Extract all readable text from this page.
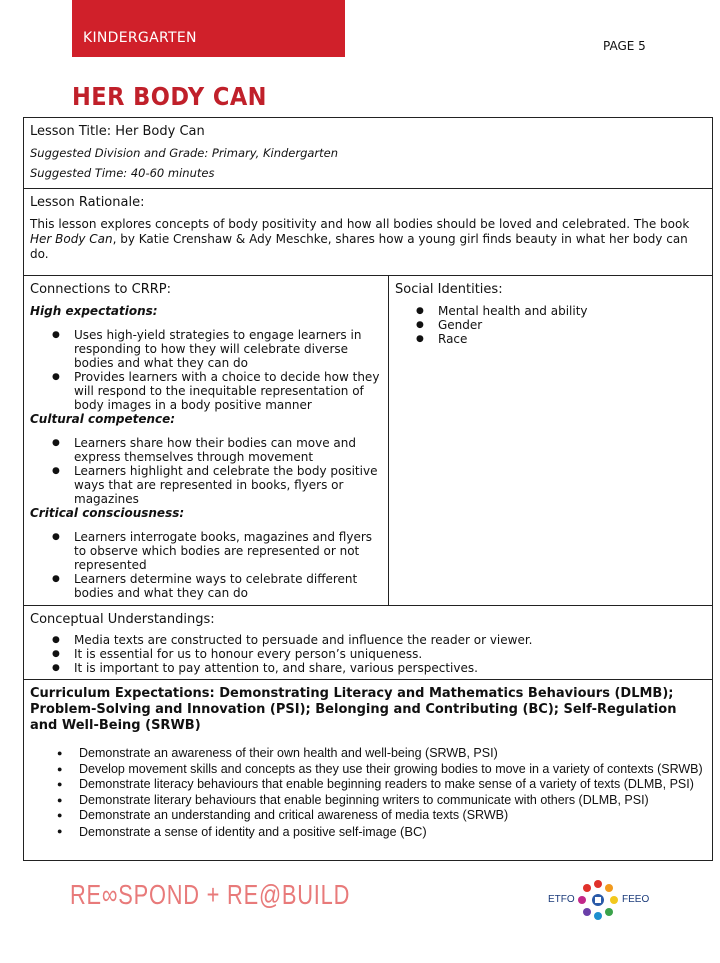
KINDERGARTEN	PAGE 5
HER BODY CAN
Lesson Title: Her Body Can
Suggested Division and Grade: Primary, Kindergarten
Suggested Time: 40-60 minutes

Lesson Rationale:

This lesson explores concepts of body positivity and how all bodies should be loved and celebrated. The book Her Body Can, by Katie Crenshaw & Ady Meschke, shares how a young girl finds beauty in what her body can do.

Connections to CRRP:
High expectations:
● Uses high-yield strategies to engage learners in responding to how they will celebrate diverse bodies and what they can do
● Provides learners with a choice to decide how they will respond to the inequitable representation of body images in a body positive manner
Cultural competence:
● Learners share how their bodies can move and express themselves through movement
● Learners highlight and celebrate the body positive ways that are represented in books, flyers or magazines
Critical consciousness:
● Learners interrogate books, magazines and flyers to observe which bodies are represented or not represented
● Learners determine ways to celebrate different bodies and what they can do

Social Identities:
● Mental health and ability
● Gender
● Race

Conceptual Understandings:
● Media texts are constructed to persuade and influence the reader or viewer.
● It is essential for us to honour every person’s uniqueness.
● It is important to pay attention to, and share, various perspectives.

Curriculum Expectations: Demonstrating Literacy and Mathematics Behaviours (DLMB); Problem-Solving and Innovation (PSI); Belonging and Contributing (BC); Self-Regulation and Well-Being (SRWB)
● Demonstrate an awareness of their own health and well-being (SRWB, PSI)
● Develop movement skills and concepts as they use their growing bodies to move in a variety of contexts (SRWB)
● Demonstrate literacy behaviours that enable beginning readers to make sense of a variety of texts (DLMB, PSI)
● Demonstrate literary behaviours that enable beginning writers to communicate with others (DLMB, PSI)
● Demonstrate an understanding and critical awareness of media texts (SRWB)
● Demonstrate a sense of identity and a positive self-image (BC)
RE∞SPOND + RE@BUILD	ETFO	FEEO
